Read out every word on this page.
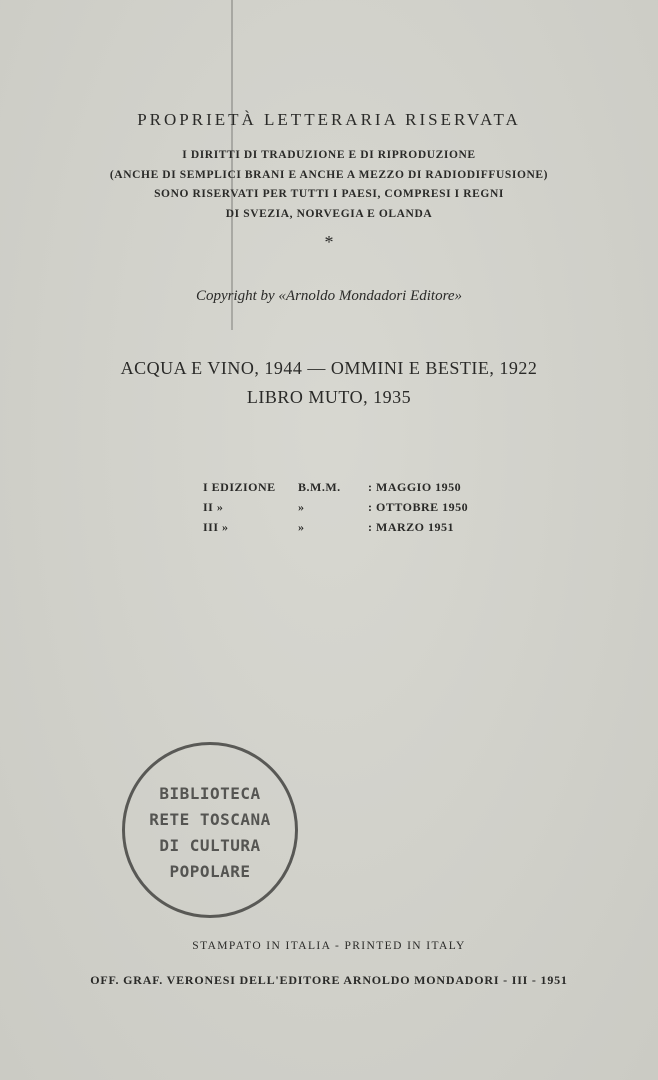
PROPRIETÀ LETTERARIA RISERVATA
I DIRITTI DI TRADUZIONE E DI RIPRODUZIONE
(ANCHE DI SEMPLICI BRANI E ANCHE A MEZZO DI RADIODIFFUSIONE)
SONO RISERVATI PER TUTTI I PAESI, COMPRESI I REGNI
DI SVEZIA, NORVEGIA E OLANDA
*
Copyright by «Arnoldo Mondadori Editore»
ACQUA E VINO, 1944 — OMMINI E BESTIE, 1922
LIBRO MUTO, 1935
I EDIZIONE	B.M.M.	: MAGGIO 1950
II »	»	: OTTOBRE 1950
III »	»	: MARZO 1951
BIBLIOTECA
RETE TOSCANA
DI CULTURA
POPOLARE
STAMPATO IN ITALIA - PRINTED IN ITALY
OFF. GRAF. VERONESI DELL'EDITORE ARNOLDO MONDADORI - III - 1951
